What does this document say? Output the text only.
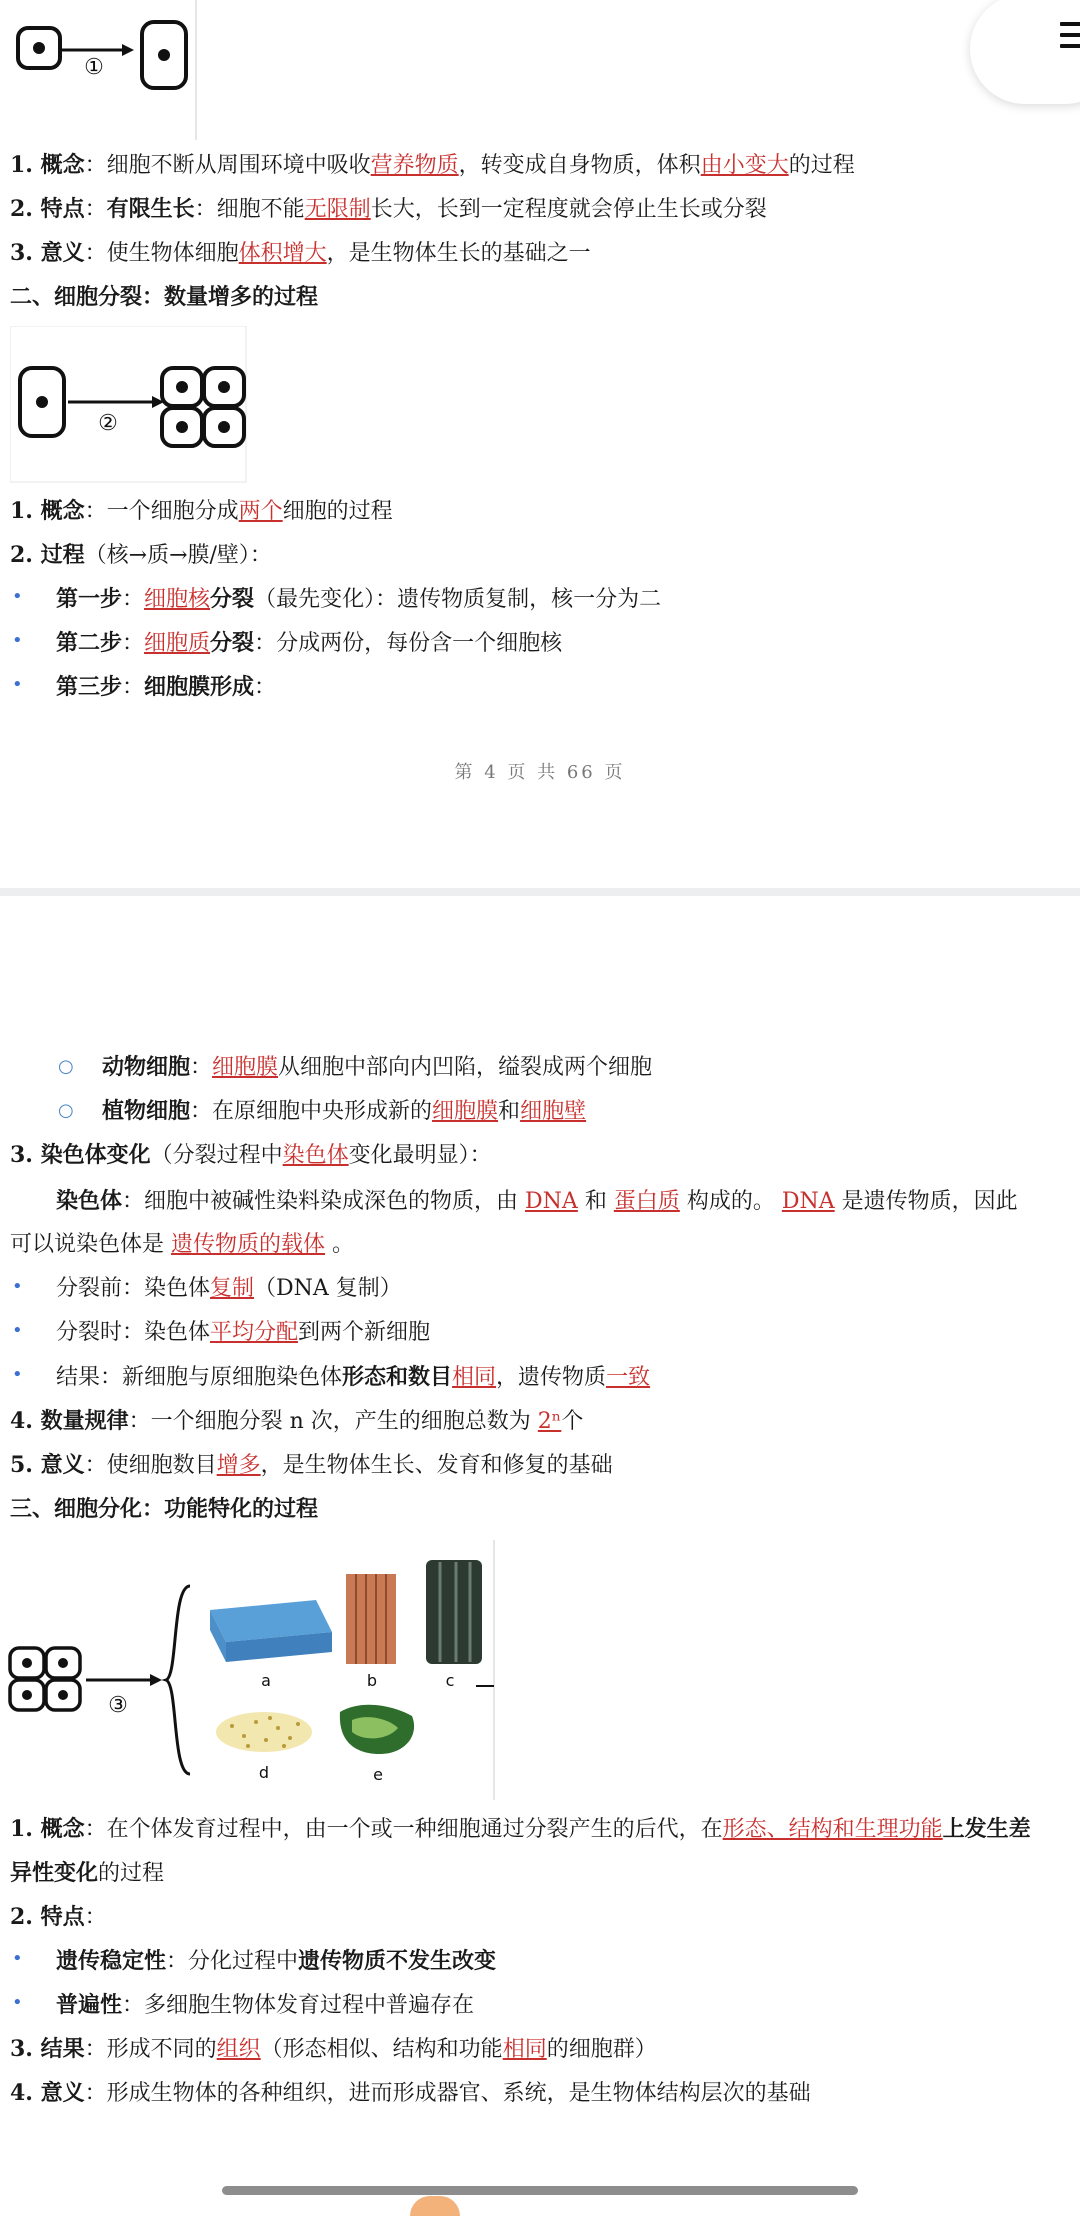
①
1. 概念：细胞不断从周围环境中吸收营养物质，转变成自身物质，体积由小变大的过程
2. 特点：有限生长：细胞不能无限制长大，长到一定程度就会停止生长或分裂
3. 意义：使生物体细胞体积增大，是生物体生长的基础之一
二、细胞分裂：数量增多的过程
②
1. 概念：一个细胞分成两个细胞的过程
2. 过程（核→质→膜/壁）：
• 第一步：细胞核分裂（最先变化）：遗传物质复制，核一分为二
• 第二步：细胞质分裂：分成两份，每份含一个细胞核
• 第三步：细胞膜形成：
第 4 页 共 66 页
○ 动物细胞：细胞膜从细胞中部向内凹陷，缢裂成两个细胞
○ 植物细胞：在原细胞中央形成新的细胞膜和细胞壁
3. 染色体变化（分裂过程中染色体变化最明显）：
染色体：细胞中被碱性染料染成深色的物质，由 DNA 和 蛋白质 构成的。 DNA 是遗传物质，因此
可以说染色体是 遗传物质的载体 。
• 分裂前：染色体复制（DNA 复制）
• 分裂时：染色体平均分配到两个新细胞
• 结果：新细胞与原细胞染色体形态和数目相同，遗传物质一致
4. 数量规律：一个细胞分裂 n 次，产生的细胞总数为 2ⁿ个
5. 意义：使细胞数目增多，是生物体生长、发育和修复的基础
三、细胞分化：功能特化的过程
③
a	b	c
d	e
1. 概念：在个体发育过程中，由一个或一种细胞通过分裂产生的后代，在形态、结构和生理功能上发生差
异性变化的过程
2. 特点：
• 遗传稳定性：分化过程中遗传物质不发生改变
• 普遍性：多细胞生物体发育过程中普遍存在
3. 结果：形成不同的组织（形态相似、结构和功能相同的细胞群）
4. 意义：形成生物体的各种组织，进而形成器官、系统，是生物体结构层次的基础
